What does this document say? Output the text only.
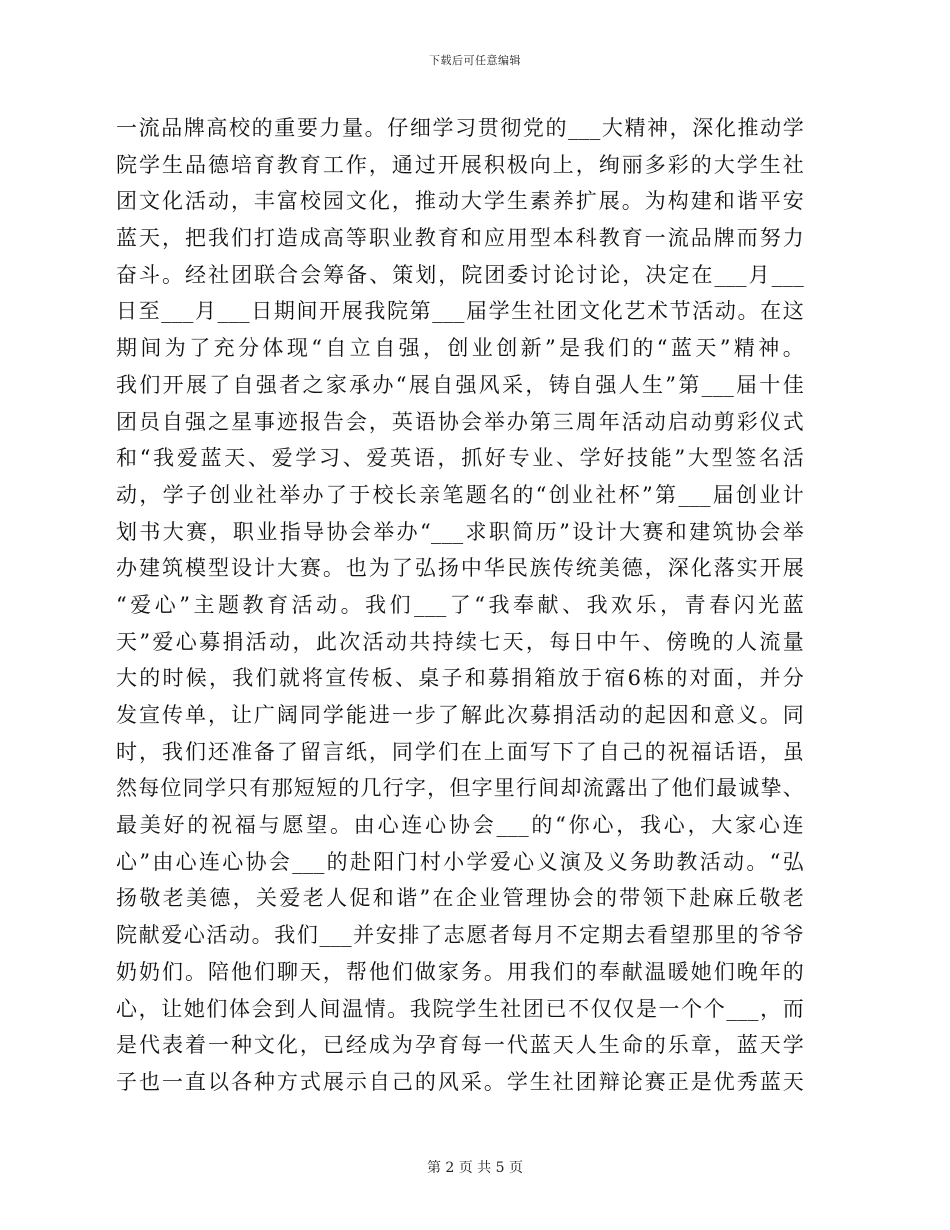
下载后可任意编辑
一流品牌高校的重要力量。仔细学习贯彻党的___大精神，深化推动学
院学生品德培育教育工作，通过开展积极向上，绚丽多彩的大学生社
团文化活动，丰富校园文化，推动大学生素养扩展。为构建和谐平安
蓝天，把我们打造成高等职业教育和应用型本科教育一流品牌而努力
奋斗。经社团联合会筹备、策划，院团委讨论讨论，决定在___月___
日至___月___日期间开展我院第___届学生社团文化艺术节活动。在这
期间为了充分体现“自立自强，创业创新”是我们的“蓝天”精神。
我们开展了自强者之家承办“展自强风采，铸自强人生”第___届十佳
团员自强之星事迹报告会，英语协会举办第三周年活动启动剪彩仪式
和“我爱蓝天、爱学习、爱英语，抓好专业、学好技能”大型签名活
动，学子创业社举办了于校长亲笔题名的“创业社杯”第___届创业计
划书大赛，职业指导协会举办“___求职简历”设计大赛和建筑协会举
办建筑模型设计大赛。也为了弘扬中华民族传统美德，深化落实开展
“爱心”主题教育活动。我们___了“我奉献、我欢乐，青春闪光蓝
天”爱心募捐活动，此次活动共持续七天，每日中午、傍晚的人流量
大的时候，我们就将宣传板、桌子和募捐箱放于宿6栋的对面，并分
发宣传单，让广阔同学能进一步了解此次募捐活动的起因和意义。同
时，我们还准备了留言纸，同学们在上面写下了自己的祝福话语，虽
然每位同学只有那短短的几行字，但字里行间却流露出了他们最诚挚、
最美好的祝福与愿望。由心连心协会___的“你心，我心，大家心连
心”由心连心协会___的赴阳门村小学爱心义演及义务助教活动。“弘
扬敬老美德，关爱老人促和谐”在企业管理协会的带领下赴麻丘敬老
院献爱心活动。我们___并安排了志愿者每月不定期去看望那里的爷爷
奶奶们。陪他们聊天，帮他们做家务。用我们的奉献温暖她们晚年的
心，让她们体会到人间温情。我院学生社团已不仅仅是一个个___，而
是代表着一种文化，已经成为孕育每一代蓝天人生命的乐章，蓝天学
子也一直以各种方式展示自己的风采。学生社团辩论赛正是优秀蓝天
第 2 页 共 5 页
